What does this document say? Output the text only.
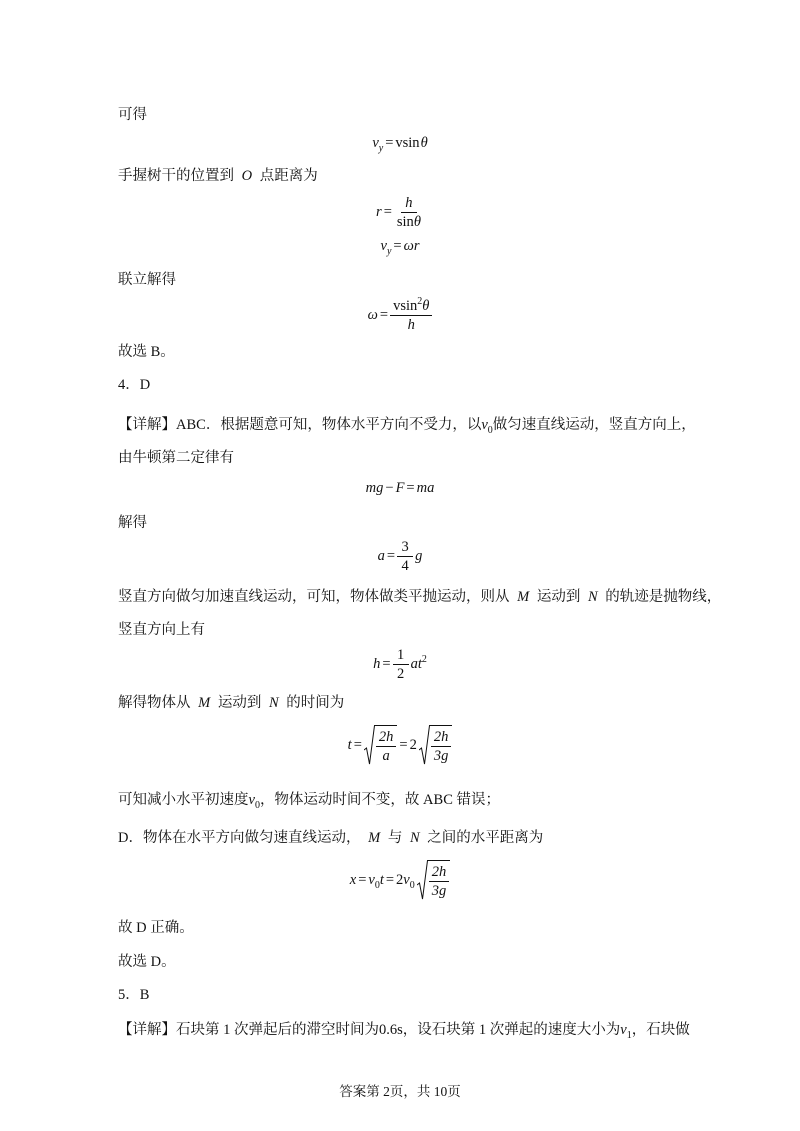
可得
$v_y = vsin$ θ
手握树干的位置到 O 点距离为
$r = \frac{h}{\sin\theta}$
$v_y = \omega r$
联立解得
$\omega = \frac{vsin^2\theta}{h}$
故选 B。
4．D
【详解】ABC．根据题意可知，物体水平方向不受力，以$v_0$做匀速直线运动，竖直方向上，
由牛顿第二定律有
mg − F = ma
解得
$a = \frac{3}{4}$ g
竖直方向做匀加速直线运动，可知，物体做类平抛运动，则从 M 运动到 N 的轨迹是抛物线，
竖直方向上有
$h = \frac{1}{2} at^2$
解得物体从 M 运动到 N 的时间为
$t = \frac{2h}{a} = 2 \frac{2h}{3g}$
可知减小水平初速度$v_0$，物体运动时间不变，故 ABC 错误；
D．物体在水平方向做匀速直线运动， M 与 N 之间的水平距离为
$x = v_0t = 2v_0 \frac{2h}{3g}$
故 D 正确。
故选 D。
5．B
【详解】石块第 1 次弹起后的滞空时间为0.6s，设石块第 1 次弹起的速度大小为$v_1$，石块做
答案第 2页，共 10页
